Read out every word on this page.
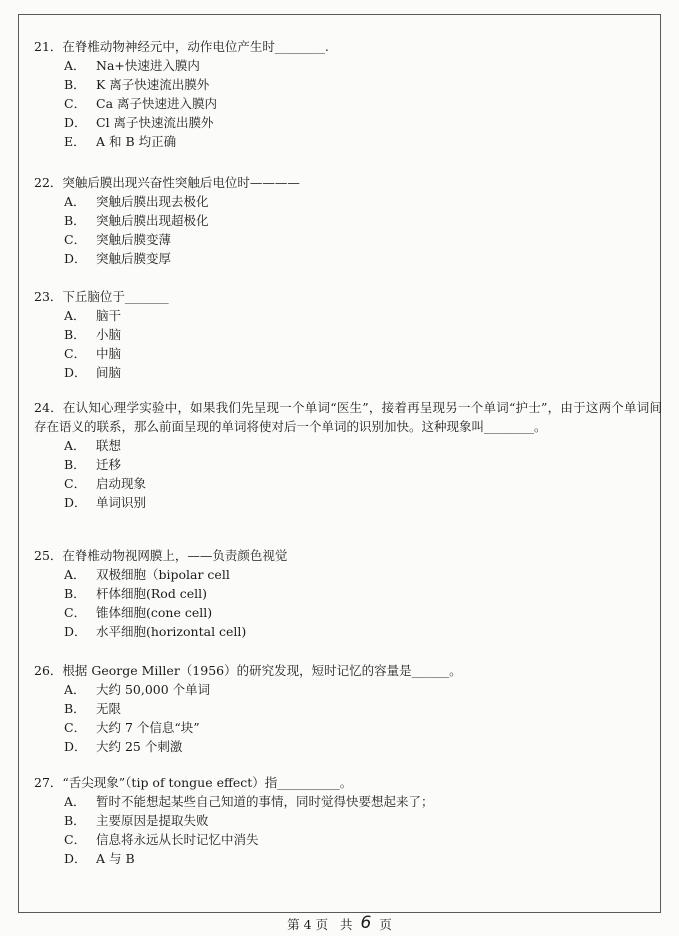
21．在脊椎动物神经元中，动作电位产生时________.
A． Na+快速进入膜内
B． K 离子快速流出膜外
C． Ca 离子快速进入膜内
D． Cl 离子快速流出膜外
E． A 和 B 均正确
22．突触后膜出现兴奋性突触后电位时————
A． 突触后膜出现去极化
B． 突触后膜出现超极化
C． 突触后膜变薄
D． 突触后膜变厚
23．下丘脑位于_______
A． 脑干
B． 小脑
C． 中脑
D． 间脑
24．在认知心理学实验中，如果我们先呈现一个单词“医生”，接着再呈现另一个单词“护士”，由于这两个单词间存在语义的联系，那么前面呈现的单词将使对后一个单词的识别加快。这种现象叫________。
A． 联想
B． 迁移
C． 启动现象
D． 单词识别
25．在脊椎动物视网膜上，——负责颜色视觉
A． 双极细胞（bipolar cell
B． 杆体细胞(Rod cell)
C． 锥体细胞(cone cell)
D． 水平细胞(horizontal cell)
26．根据 George Miller（1956）的研究发现，短时记忆的容量是______。
A． 大约 50,000 个单词
B． 无限
C． 大约 7 个信息“块”
D． 大约 25 个刺激
27．“舌尖现象”（tip of tongue effect）指__________。
A． 暂时不能想起某些自己知道的事情，同时觉得快要想起来了；
B． 主要原因是提取失败
C． 信息将永远从长时记忆中消失
D． A 与 B
第 4 页 共 6 页
